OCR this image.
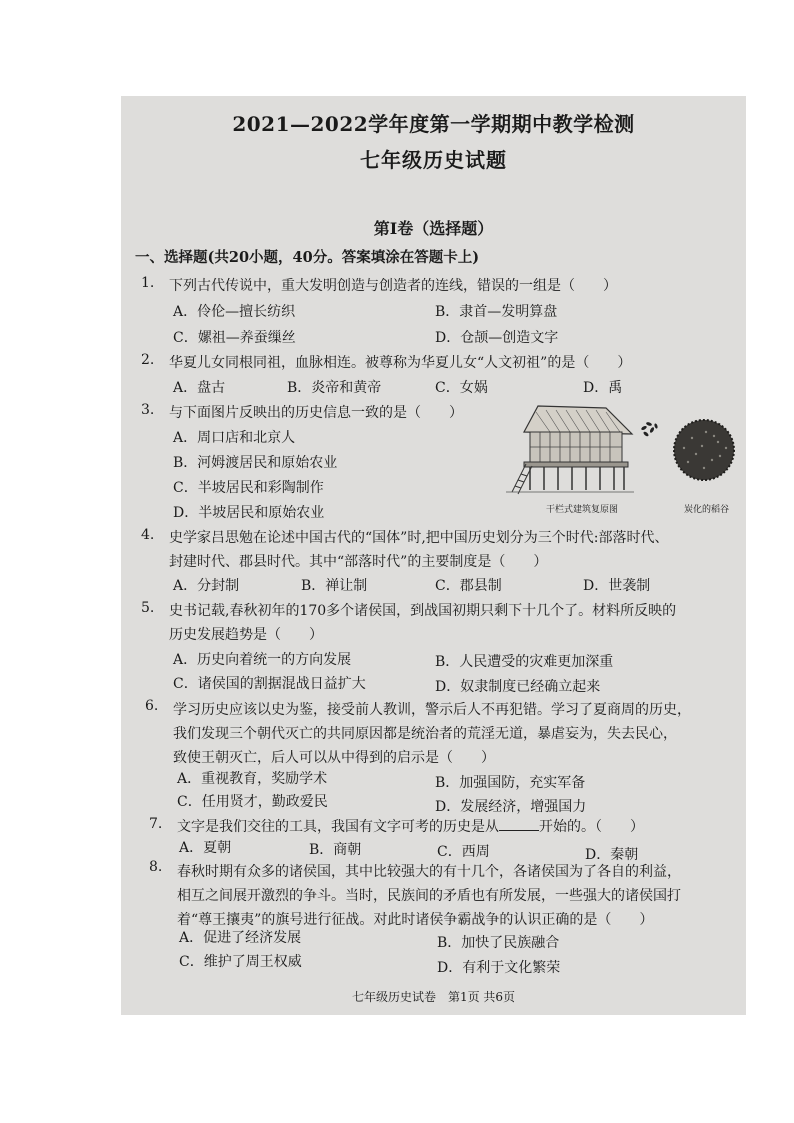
2021—2022学年度第一学期期中教学检测
七年级历史试题
第Ⅰ卷（选择题）
一、选择题(共20小题，40分。答案填涂在答题卡上)
1. 下列古代传说中，重大发明创造与创造者的连线，错误的一组是（　　）
A．伶伦—擅长纺织	B．隶首—发明算盘
C．嫘祖—养蚕缫丝	D．仓颉—创造文字
2. 华夏儿女同根同祖，血脉相连。被尊称为华夏儿女“人文初祖”的是（　　）
A．盘古	B．炎帝和黄帝	C．女娲	D．禹
3. 与下面图片反映出的历史信息一致的是（　　）
A．周口店和北京人
B．河姆渡居民和原始农业
C．半坡居民和彩陶制作
D．半坡居民和原始农业	干栏式建筑复原图	炭化的稻谷
4. 史学家吕思勉在论述中国古代的“国体”时,把中国历史划分为三个时代:部落时代、
封建时代、郡县时代。其中“部落时代”的主要制度是（　　）
A．分封制	B．禅让制	C．郡县制	D．世袭制
5. 史书记载,春秋初年的170多个诸侯国，到战国初期只剩下十几个了。材料所反映的
历史发展趋势是（　　）
A．历史向着统一的方向发展	B．人民遭受的灾难更加深重
C．诸侯国的割据混战日益扩大	D．奴隶制度已经确立起来
6. 学习历史应该以史为鉴，接受前人教训，警示后人不再犯错。学习了夏商周的历史，
我们发现三个朝代灭亡的共同原因都是统治者的荒淫无道，暴虐妄为，失去民心，
致使王朝灭亡，后人可以从中得到的启示是（　　）
A．重视教育，奖励学术	B．加强国防，充实军备
C．任用贤才，勤政爱民	D．发展经济，增强国力
7. 文字是我们交往的工具，我国有文字可考的历史是从	开始的。（　　）
A．夏朝	B．商朝	C．西周	D．秦朝
8. 春秋时期有众多的诸侯国，其中比较强大的有十几个，各诸侯国为了各自的利益，
相互之间展开激烈的争斗。当时，民族间的矛盾也有所发展，一些强大的诸侯国打
着“尊王攘夷”的旗号进行征战。对此时诸侯争霸战争的认识正确的是（　　）
A．促进了经济发展	B．加快了民族融合
C．维护了周王权威	D．有利于文化繁荣
七年级历史试卷　第1页 共6页
